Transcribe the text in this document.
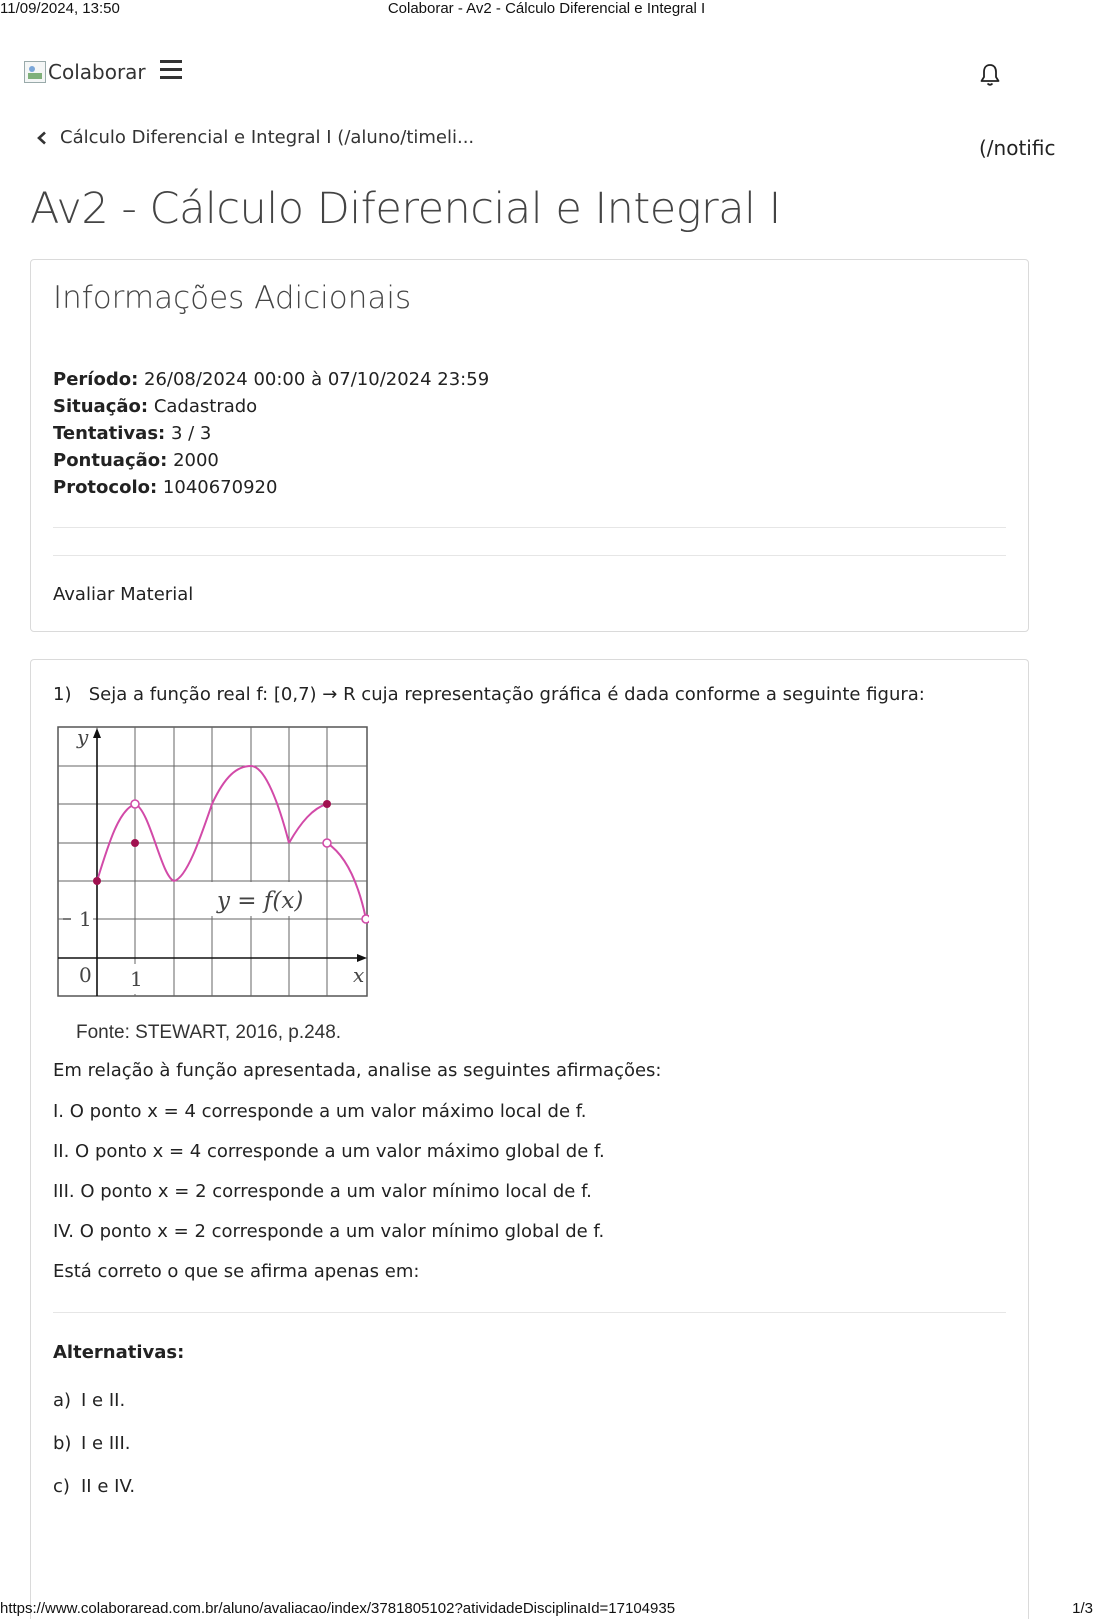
11/09/2024, 13:50	Colaborar - Av2 - Cálculo Diferencial e Integral I
Colaborar
Cálculo Diferencial e Integral I (/aluno/timeli...	(/notific
Av2 - Cálculo Diferencial e Integral I
Informações Adicionais
Período: 26/08/2024 00:00 à 07/10/2024 23:59
Situação: Cadastrado
Tentativas: 3 / 3
Pontuação: 2000
Protocolo: 1040670920
Avaliar Material
1) Seja a função real f: [0,7) → R cuja representação gráfica é dada conforme a seguinte figura:
y
x
0 1
1
y = f(x)
Fonte: STEWART, 2016, p.248.
Em relação à função apresentada, analise as seguintes afirmações:
I. O ponto x = 4 corresponde a um valor máximo local de f.
II. O ponto x = 4 corresponde a um valor máximo global de f.
III. O ponto x = 2 corresponde a um valor mínimo local de f.
IV. O ponto x = 2 corresponde a um valor mínimo global de f.
Está correto o que se afirma apenas em:
Alternativas:
a) I e II.
b) I e III.
c) II e IV.
https://www.colaboraread.com.br/aluno/avaliacao/index/3781805102?atividadeDisciplinaId=17104935	1/3
